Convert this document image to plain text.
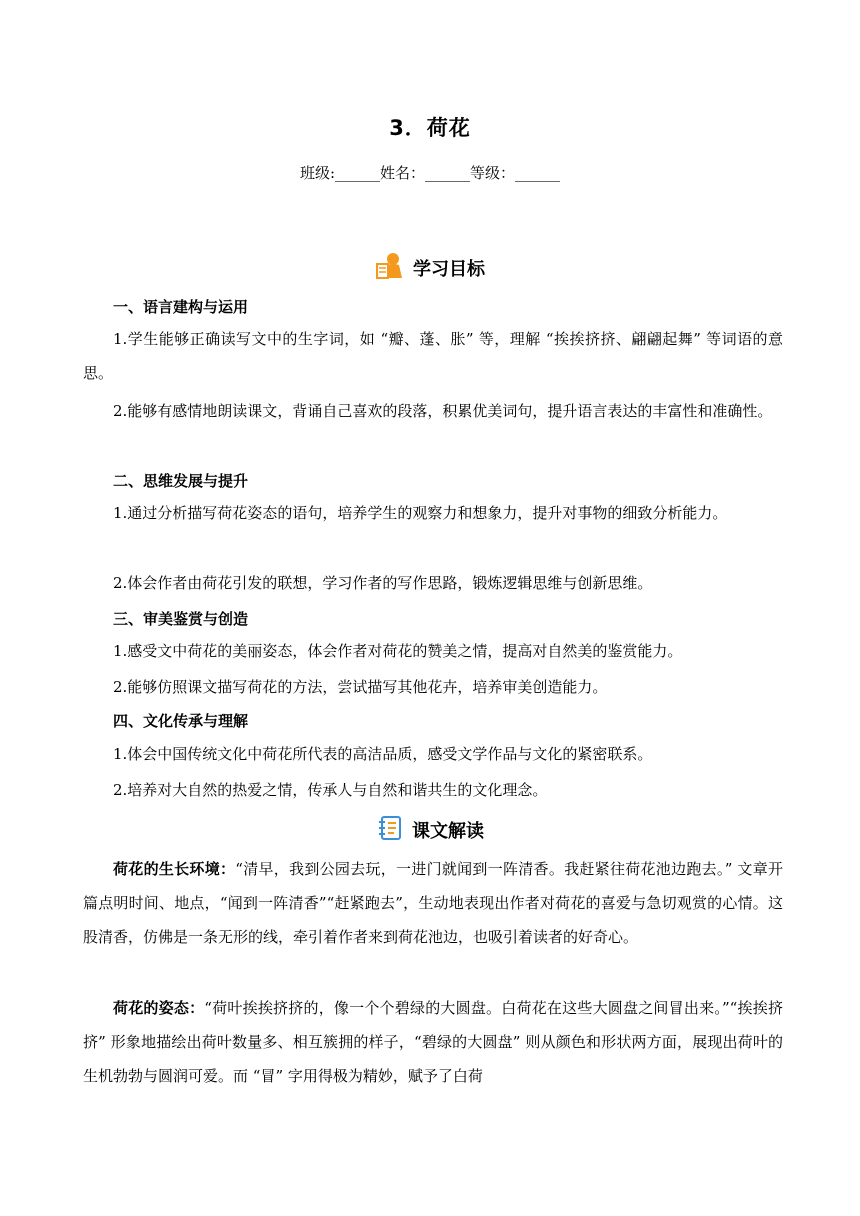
3．荷花
班级:______姓名：______等级：______
学习目标
一、语言建构与运用
1.学生能够正确读写文中的生字词，如 “瓣、蓬、胀” 等，理解 “挨挨挤挤、翩翩起舞” 等词语的意思。
2.能够有感情地朗读课文，背诵自己喜欢的段落，积累优美词句，提升语言表达的丰富性和准确性。
二、思维发展与提升
1.通过分析描写荷花姿态的语句，培养学生的观察力和想象力，提升对事物的细致分析能力。
2.体会作者由荷花引发的联想，学习作者的写作思路，锻炼逻辑思维与创新思维。
三、审美鉴赏与创造
1.感受文中荷花的美丽姿态，体会作者对荷花的赞美之情，提高对自然美的鉴赏能力。
2.能够仿照课文描写荷花的方法，尝试描写其他花卉，培养审美创造能力。
四、文化传承与理解
1.体会中国传统文化中荷花所代表的高洁品质，感受文学作品与文化的紧密联系。
2.培养对大自然的热爱之情，传承人与自然和谐共生的文化理念。
课文解读
荷花的生长环境：“清早，我到公园去玩，一进门就闻到一阵清香。我赶紧往荷花池边跑去。” 文章开篇点明时间、地点，“闻到一阵清香”“赶紧跑去”，生动地表现出作者对荷花的喜爱与急切观赏的心情。这股清香，仿佛是一条无形的线，牵引着作者来到荷花池边，也吸引着读者的好奇心。
荷花的姿态：“荷叶挨挨挤挤的，像一个个碧绿的大圆盘。白荷花在这些大圆盘之间冒出来。”“挨挨挤挤” 形象地描绘出荷叶数量多、相互簇拥的样子，“碧绿的大圆盘” 则从颜色和形状两方面，展现出荷叶的生机勃勃与圆润可爱。而 “冒” 字用得极为精妙，赋予了白荷
